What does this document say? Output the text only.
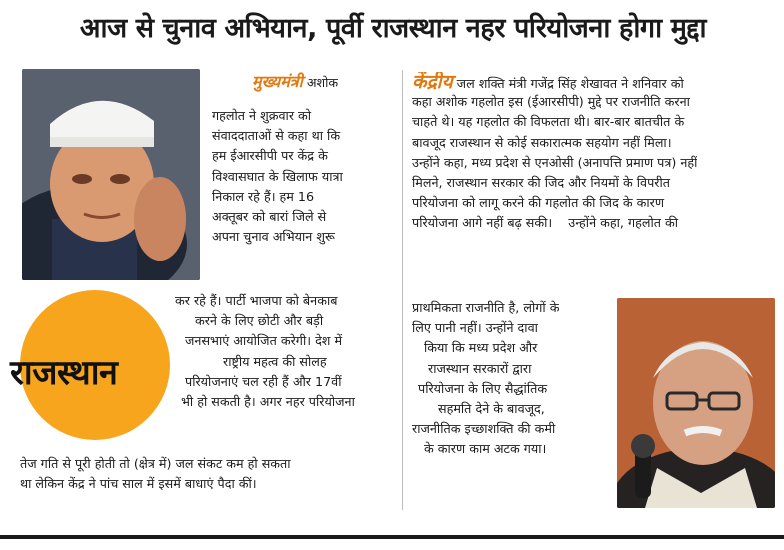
आज से चुनाव अभियान, पूर्वी राजस्थान नहर परियोजना होगा मुद्दा
मुख्यमंत्री अशोक
गहलोत ने शुक्रवार को
संवाददाताओं से कहा था कि
हम ईआरसीपी पर केंद्र के
विश्वासघात के खिलाफ यात्रा
निकाल रहे हैं। हम 16
अक्तूबर को बारां जिले से
अपना चुनाव अभियान शुरू
कर रहे हैं। पार्टी भाजपा को बेनकाब
करने के लिए छोटी और बड़ी
जनसभाएं आयोजित करेगी। देश में
राष्ट्रीय महत्व की सोलह
परियोजनाएं चल रही हैं और 17वीं
भी हो सकती है। अगर नहर परियोजना
तेज गति से पूरी होती तो (क्षेत्र में) जल संकट कम हो सकता
था लेकिन केंद्र ने पांच साल में इसमें बाधाएं पैदा कीं।
राजस्थान
केंद्रीय जल शक्ति मंत्री गजेंद्र सिंह शेखावत ने शनिवार को
कहा अशोक गहलोत इस (ईआरसीपी) मुद्दे पर राजनीति करना
चाहते थे। यह गहलोत की विफलता थी। बार-बार बातचीत के
बावजूद राजस्थान से कोई सकारात्मक सहयोग नहीं मिला।
उन्होंने कहा, मध्य प्रदेश से एनओसी (अनापत्ति प्रमाण पत्र) नहीं
मिलने, राजस्थान सरकार की जिद और नियमों के विपरीत
परियोजना को लागू करने की गहलोत की जिद के कारण
परियोजना आगे नहीं बढ़ सकी।    उन्होंने कहा, गहलोत की
प्राथमिकता राजनीति है, लोगों के
लिए पानी नहीं। उन्होंने दावा
किया कि मध्य प्रदेश और
राजस्थान सरकारों द्वारा
परियोजना के लिए सैद्धांतिक
सहमति देने के बावजूद,
राजनीतिक इच्छाशक्ति की कमी
के कारण काम अटक गया।
